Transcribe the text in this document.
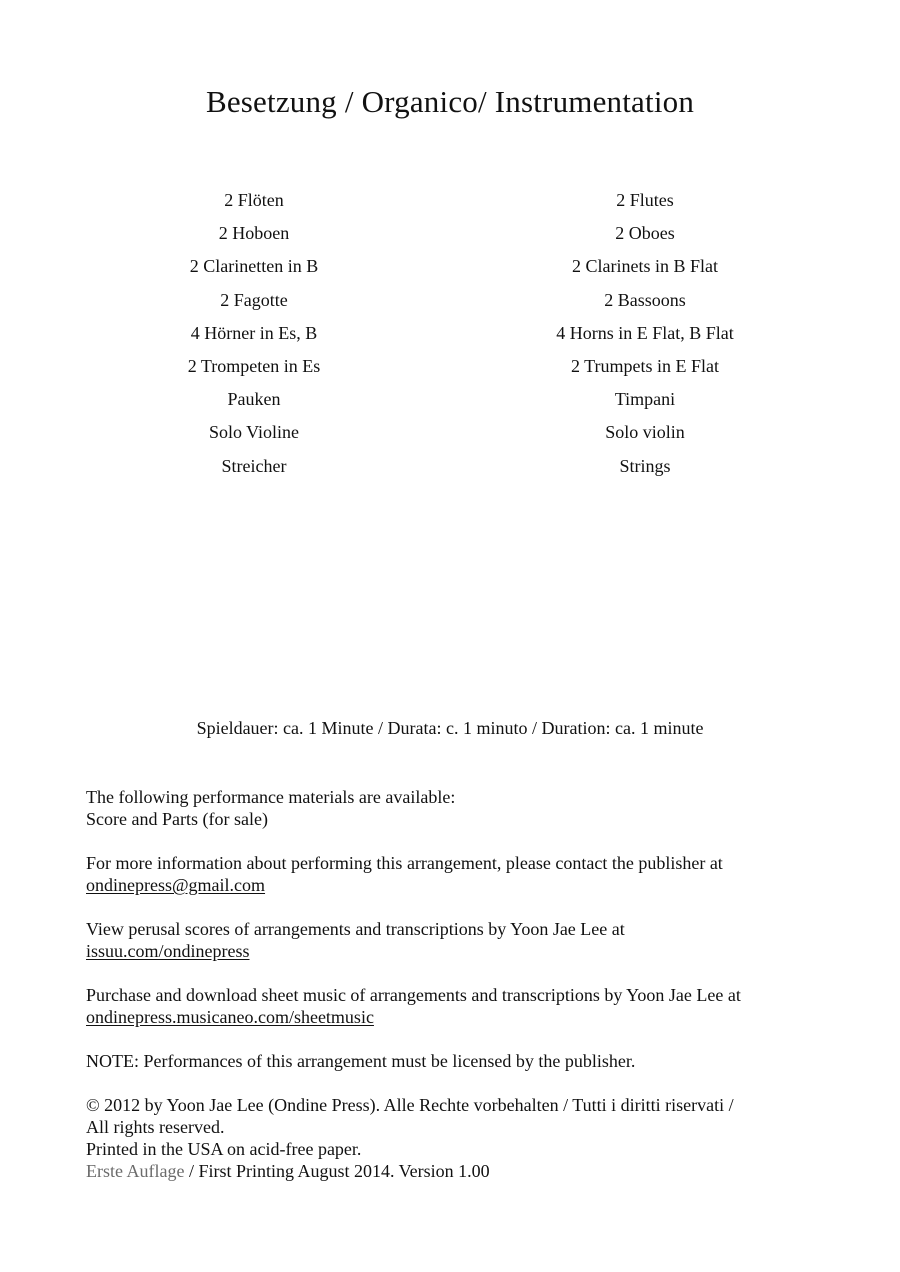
Besetzung / Organico/ Instrumentation
2 Flöten
2 Hoboen
2 Clarinetten in B
2 Fagotte
4 Hörner in Es, B
2 Trompeten in Es
Pauken
Solo Violine
Streicher
2 Flutes
2 Oboes
2 Clarinets in B Flat
2 Bassoons
4 Horns in E Flat, B Flat
2 Trumpets in E Flat
Timpani
Solo violin
Strings
Spieldauer: ca. 1 Minute / Durata: c. 1 minuto / Duration: ca. 1 minute

The following performance materials are available:
Score and Parts (for sale)

For more information about performing this arrangement, please contact the publisher at
ondinepress@gmail.com

View perusal scores of arrangements and transcriptions by Yoon Jae Lee at
issuu.com/ondinepress

Purchase and download sheet music of arrangements and transcriptions by Yoon Jae Lee at
ondinepress.musicaneo.com/sheetmusic

NOTE: Performances of this arrangement must be licensed by the publisher.

© 2012 by Yoon Jae Lee (Ondine Press). Alle Rechte vorbehalten / Tutti i diritti riservati /
All rights reserved.
Printed in the USA on acid-free paper.
Erste Auflage / First Printing August 2014. Version 1.00
